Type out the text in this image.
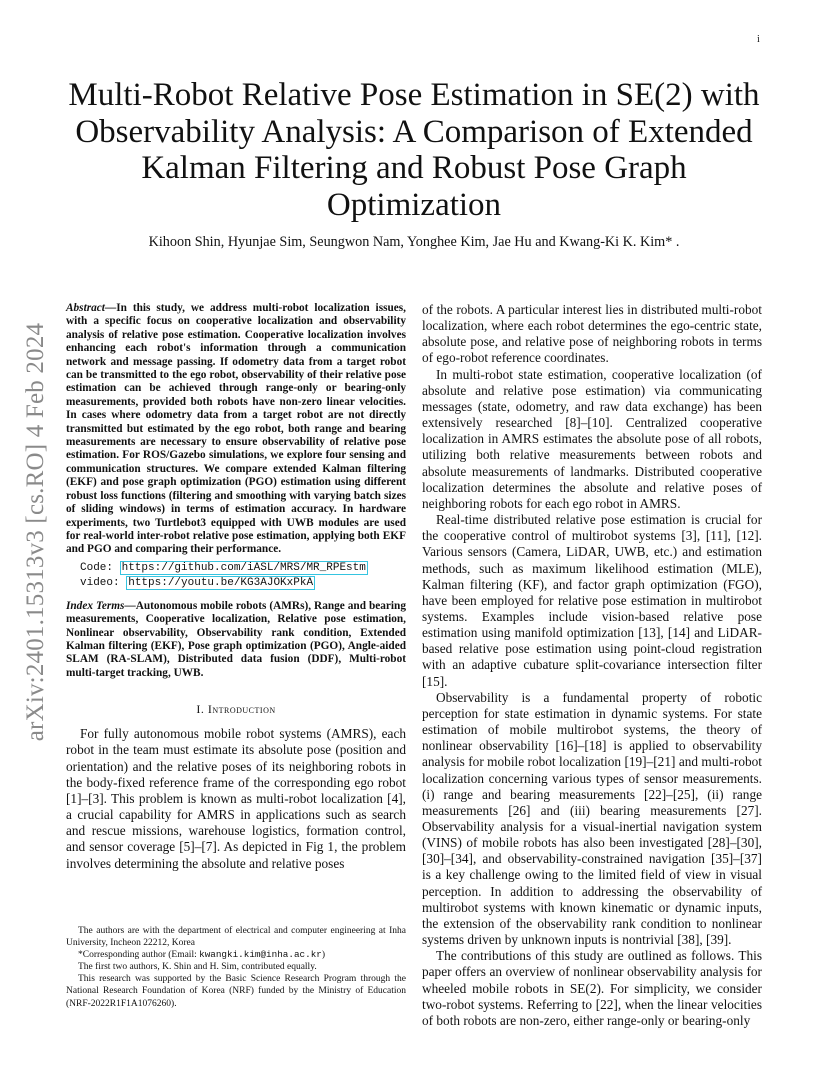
i
arXiv:2401.15313v3 [cs.RO] 4 Feb 2024
Multi-Robot Relative Pose Estimation in SE(2) with Observability Analysis: A Comparison of Extended Kalman Filtering and Robust Pose Graph Optimization
Kihoon Shin, Hyunjae Sim, Seungwon Nam, Yonghee Kim, Jae Hu and Kwang-Ki K. Kim* .
Abstract—In this study, we address multi-robot localization issues, with a specific focus on cooperative localization and observability analysis of relative pose estimation. Cooperative localization involves enhancing each robot's information through a communication network and message passing. If odometry data from a target robot can be transmitted to the ego robot, observability of their relative pose estimation can be achieved through range-only or bearing-only measurements, provided both robots have non-zero linear velocities. In cases where odometry data from a target robot are not directly transmitted but estimated by the ego robot, both range and bearing measurements are necessary to ensure observability of relative pose estimation. For ROS/Gazebo simulations, we explore four sensing and communication structures. We compare extended Kalman filtering (EKF) and pose graph optimization (PGO) estimation using different robust loss functions (filtering and smoothing with varying batch sizes of sliding windows) in terms of estimation accuracy. In hardware experiments, two Turtlebot3 equipped with UWB modules are used for real-world inter-robot relative pose estimation, applying both EKF and PGO and comparing their performance.
Code: https://github.com/iASL/MRS/MR_RPEstm
video: https://youtu.be/KG3AJOKxPkA
Index Terms—Autonomous mobile robots (AMRs), Range and bearing measurements, Cooperative localization, Relative pose estimation, Nonlinear observability, Observability rank condition, Extended Kalman filtering (EKF), Pose graph optimization (PGO), Angle-aided SLAM (RA-SLAM), Distributed data fusion (DDF), Multi-robot multi-target tracking, UWB.
I. Introduction

For fully autonomous mobile robot systems (AMRS), each robot in the team must estimate its absolute pose (position and orientation) and the relative poses of its neighboring robots in the body-fixed reference frame of the corresponding ego robot [1]–[3]. This problem is known as multi-robot localization [4], a crucial capability for AMRS in applications such as search and rescue missions, warehouse logistics, formation control, and sensor coverage [5]–[7]. As depicted in Fig 1, the problem involves determining the absolute and relative poses

of the robots. A particular interest lies in distributed multi-robot localization, where each robot determines the ego-centric state, absolute pose, and relative pose of neighboring robots in terms of ego-robot reference coordinates.

In multi-robot state estimation, cooperative localization (of absolute and relative pose estimation) via communicating messages (state, odometry, and raw data exchange) has been extensively researched [8]–[10]. Centralized cooperative localization in AMRS estimates the absolute pose of all robots, utilizing both relative measurements between robots and absolute measurements of landmarks. Distributed cooperative localization determines the absolute and relative poses of neighboring robots for each ego robot in AMRS.

Real-time distributed relative pose estimation is crucial for the cooperative control of multirobot systems [3], [11], [12]. Various sensors (Camera, LiDAR, UWB, etc.) and estimation methods, such as maximum likelihood estimation (MLE), Kalman filtering (KF), and factor graph optimization (FGO), have been employed for relative pose estimation in multirobot systems. Examples include vision-based relative pose estimation using manifold optimization [13], [14] and LiDAR-based relative pose estimation using point-cloud registration with an adaptive cubature split-covariance intersection filter [15].

Observability is a fundamental property of robotic perception for state estimation in dynamic systems. For state estimation of mobile multirobot systems, the theory of nonlinear observability [16]–[18] is applied to observability analysis for mobile robot localization [19]–[21] and multi-robot localization concerning various types of sensor measurements. (i) range and bearing measurements [22]–[25], (ii) range measurements [26] and (iii) bearing measurements [27]. Observability analysis for a visual-inertial navigation system (VINS) of mobile robots has also been investigated [28]–[30], [30]–[34], and observability-constrained navigation [35]–[37] is a key challenge owing to the limited field of view in visual perception. In addition to addressing the observability of multirobot systems with known kinematic or dynamic inputs, the extension of the observability rank condition to nonlinear systems driven by unknown inputs is nontrivial [38], [39].

The contributions of this study are outlined as follows. This paper offers an overview of nonlinear observability analysis for wheeled mobile robots in SE(2). For simplicity, we consider two-robot systems. Referring to [22], when the linear velocities of both robots are non-zero, either range-only or bearing-only

The authors are with the department of electrical and computer engineering at Inha University, Incheon 22212, Korea
*Corresponding author (Email: kwangki.kim@inha.ac.kr)
The first two authors, K. Shin and H. Sim, contributed equally.
This research was supported by the Basic Science Research Program through the National Research Foundation of Korea (NRF) funded by the Ministry of Education (NRF-2022R1F1A1076260).
